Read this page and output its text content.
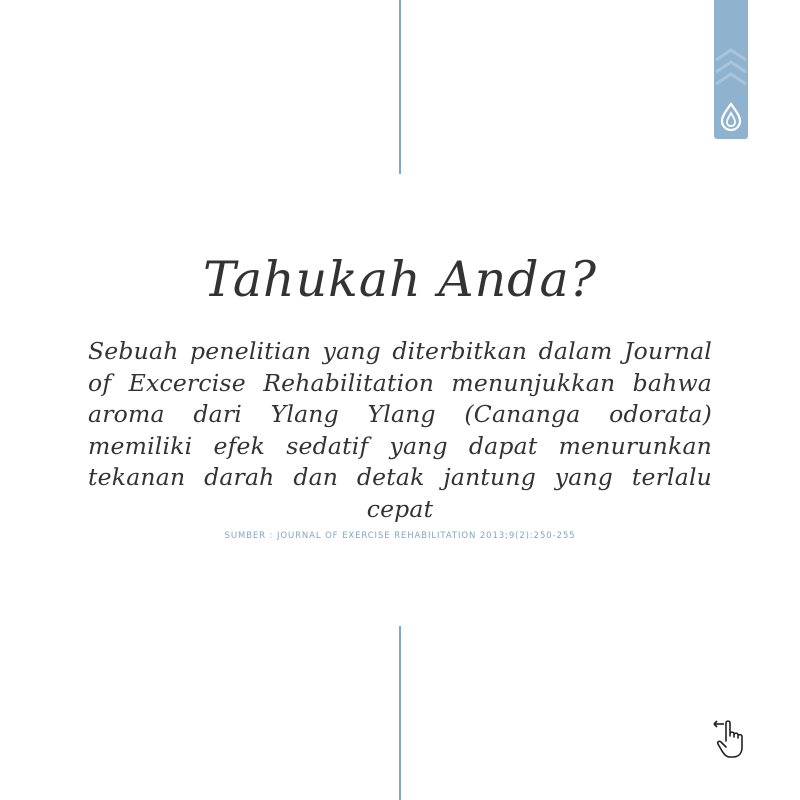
Tahukah Anda?
Sebuah penelitian yang diterbitkan dalam Journal of Excercise Rehabilitation menunjukkan bahwa aroma dari Ylang Ylang (Cananga odorata) memiliki efek sedatif yang dapat menurunkan tekanan darah dan detak jantung yang terlalu cepat
SUMBER : JOURNAL OF EXERCISE REHABILITATION 2013;9(2):250-255
